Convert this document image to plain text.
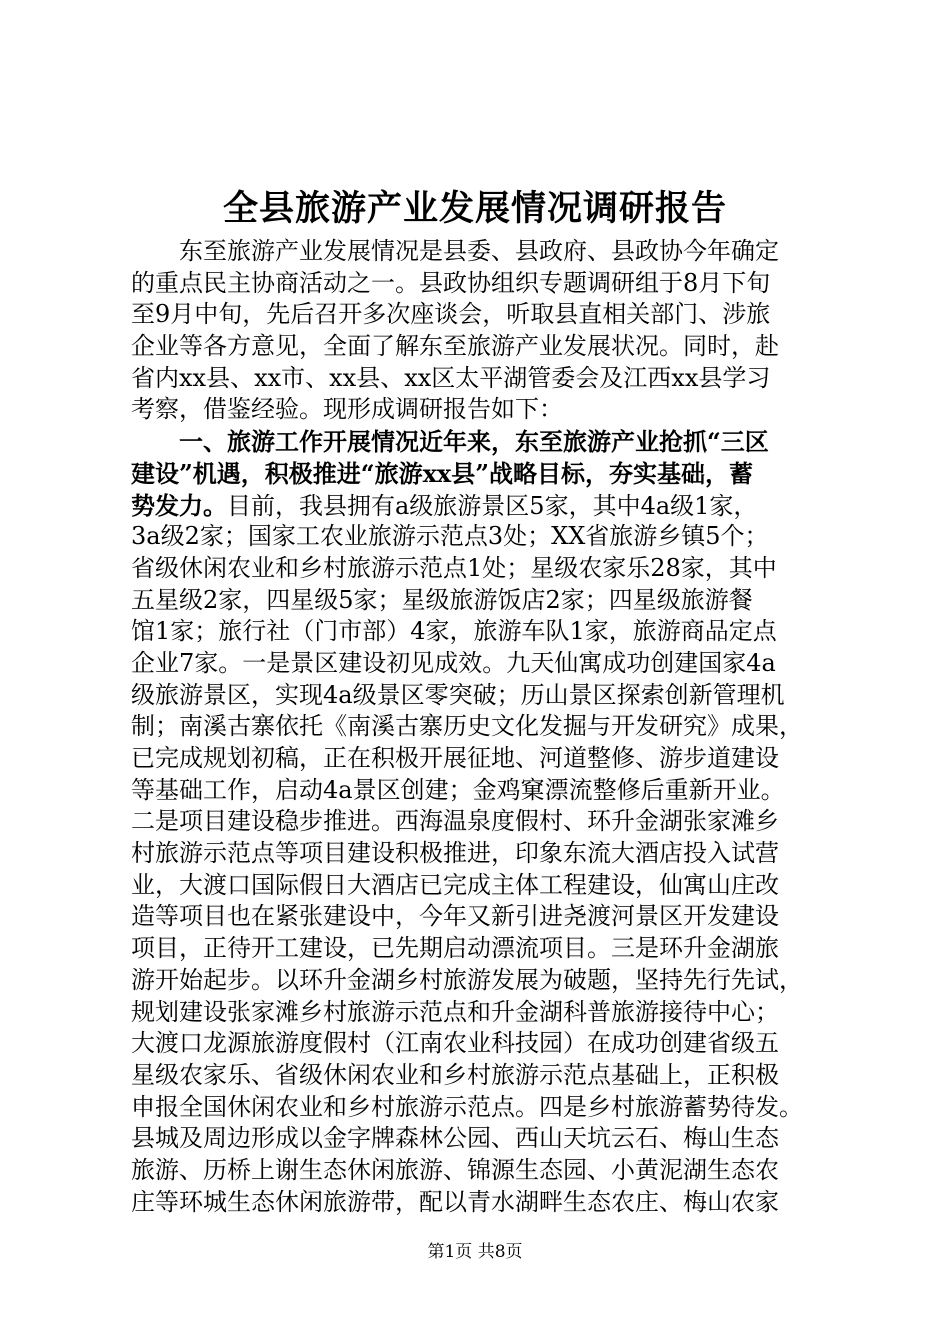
全县旅游产业发展情况调研报告
东至旅游产业发展情况是县委、县政府、县政协今年确定
的重点民主协商活动之一。县政协组织专题调研组于8月下旬
至9月中旬，先后召开多次座谈会，听取县直相关部门、涉旅
企业等各方意见，全面了解东至旅游产业发展状况。同时，赴
省内xx县、xx市、xx县、xx区太平湖管委会及江西xx县学习
考察，借鉴经验。现形成调研报告如下：
一、旅游工作开展情况近年来，东至旅游产业抢抓“三区
建设”机遇，积极推进“旅游xx县”战略目标，夯实基础，蓄
势发力。目前，我县拥有a级旅游景区5家，其中4a级1家，
3a级2家；国家工农业旅游示范点3处；XX省旅游乡镇5个；
省级休闲农业和乡村旅游示范点1处；星级农家乐28家，其中
五星级2家，四星级5家；星级旅游饭店2家；四星级旅游餐
馆1家；旅行社（门市部）4家，旅游车队1家，旅游商品定点
企业7家。一是景区建设初见成效。九天仙寓成功创建国家4a
级旅游景区，实现4a级景区零突破；历山景区探索创新管理机
制；南溪古寨依托《南溪古寨历史文化发掘与开发研究》成果，
已完成规划初稿，正在积极开展征地、河道整修、游步道建设
等基础工作，启动4a景区创建；金鸡窠漂流整修后重新开业。
二是项目建设稳步推进。西海温泉度假村、环升金湖张家滩乡
村旅游示范点等项目建设积极推进，印象东流大酒店投入试营
业，大渡口国际假日大酒店已完成主体工程建设，仙寓山庄改
造等项目也在紧张建设中，今年又新引进尧渡河景区开发建设
项目，正待开工建设，已先期启动漂流项目。三是环升金湖旅
游开始起步。以环升金湖乡村旅游发展为破题，坚持先行先试，
规划建设张家滩乡村旅游示范点和升金湖科普旅游接待中心；
大渡口龙源旅游度假村（江南农业科技园）在成功创建省级五
星级农家乐、省级休闲农业和乡村旅游示范点基础上，正积极
申报全国休闲农业和乡村旅游示范点。四是乡村旅游蓄势待发。
县城及周边形成以金字牌森林公园、西山天坑云石、梅山生态
旅游、历桥上谢生态休闲旅游、锦源生态园、小黄泥湖生态农
庄等环城生态休闲旅游带，配以青水湖畔生态农庄、梅山农家
第1页 共8页
